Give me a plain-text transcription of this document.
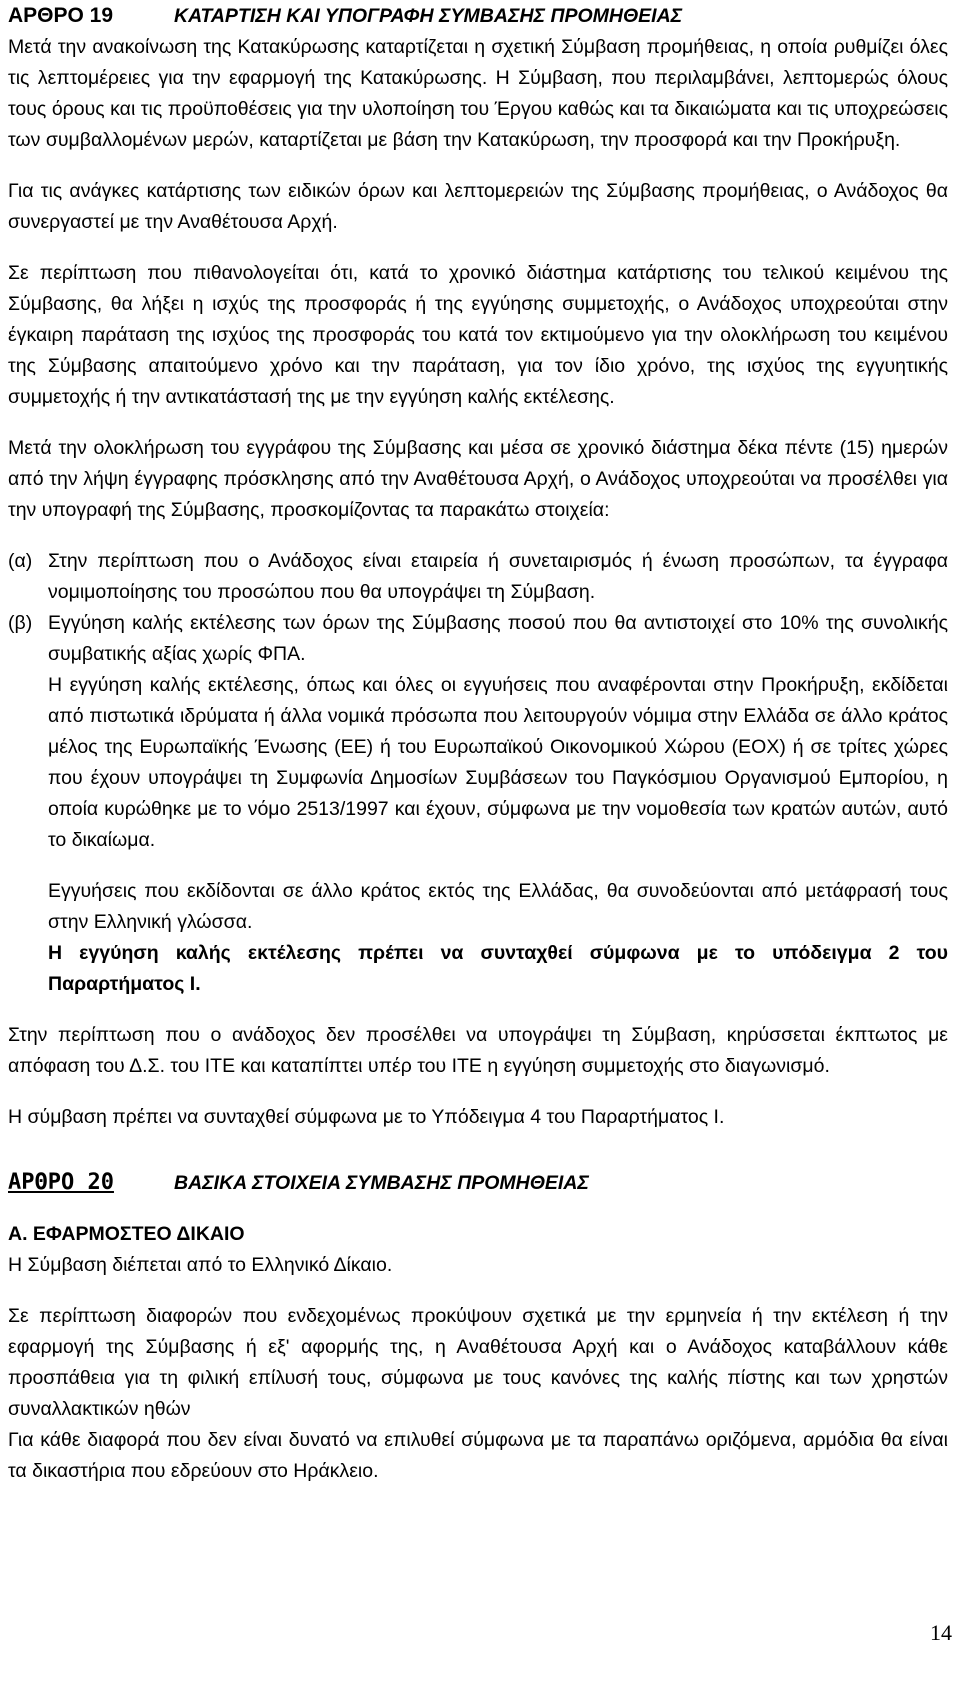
ΑΡΘΡΟ 19	ΚΑΤΑΡΤΙΣΗ ΚΑΙ ΥΠΟΓΡΑΦΗ ΣΥΜΒΑΣΗΣ ΠΡΟΜΗΘΕΙΑΣ

Μετά την ανακοίνωση της Κατακύρωσης καταρτίζεται η σχετική Σύμβαση προμήθειας, η οποία ρυθμίζει όλες τις λεπτομέρειες για την εφαρμογή της Κατακύρωσης. Η Σύμβαση, που περιλαμβάνει, λεπτομερώς όλους τους όρους και τις προϋποθέσεις για την υλοποίηση του Έργου καθώς και τα δικαιώματα και τις υποχρεώσεις των συμβαλλομένων μερών, καταρτίζεται με βάση την Κατακύρωση, την προσφορά και την Προκήρυξη.

Για τις ανάγκες κατάρτισης των ειδικών όρων και λεπτομερειών της Σύμβασης προμήθειας, ο Ανάδοχος θα συνεργαστεί με την Αναθέτουσα Αρχή.

Σε περίπτωση που πιθανολογείται ότι, κατά το χρονικό διάστημα κατάρτισης του τελικού κειμένου της Σύμβασης, θα λήξει η ισχύς της προσφοράς ή της εγγύησης συμμετοχής, ο Ανάδοχος υποχρεούται στην έγκαιρη παράταση της ισχύος της προσφοράς του κατά τον εκτιμούμενο για την ολοκλήρωση του κειμένου της Σύμβασης απαιτούμενο χρόνο και την παράταση, για τον ίδιο χρόνο, της ισχύος της εγγυητικής συμμετοχής ή την αντικατάστασή της με την εγγύηση καλής εκτέλεσης.

Μετά την ολοκλήρωση του εγγράφου της Σύμβασης και μέσα σε χρονικό διάστημα δέκα πέντε (15) ημερών από την λήψη έγγραφης πρόσκλησης από την Αναθέτουσα Αρχή, ο Ανάδοχος υποχρεούται να προσέλθει για την υπογραφή της Σύμβασης, προσκομίζοντας τα παρακάτω στοιχεία:

(α) Στην περίπτωση που ο Ανάδοχος είναι εταιρεία ή συνεταιρισμός ή ένωση προσώπων, τα έγγραφα νομιμοποίησης του προσώπου που θα υπογράψει τη Σύμβαση.

(β) Εγγύηση καλής εκτέλεσης των όρων της Σύμβασης ποσού που θα αντιστοιχεί στο 10% της συνολικής συμβατικής αξίας χωρίς ΦΠΑ.

Η εγγύηση καλής εκτέλεσης, όπως και όλες οι εγγυήσεις που αναφέρονται στην Προκήρυξη, εκδίδεται από πιστωτικά ιδρύματα ή άλλα νομικά πρόσωπα που λειτουργούν νόμιμα στην Ελλάδα σε άλλο κράτος μέλος της Ευρωπαϊκής Ένωσης (ΕΕ) ή του Ευρωπαϊκού Οικονομικού Χώρου (ΕΟΧ) ή σε τρίτες χώρες που έχουν υπογράψει τη Συμφωνία Δημοσίων Συμβάσεων του Παγκόσμιου Οργανισμού Εμπορίου, η οποία κυρώθηκε με το νόμο 2513/1997 και έχουν, σύμφωνα με την νομοθεσία των κρατών αυτών, αυτό το δικαίωμα.

Εγγυήσεις που εκδίδονται σε άλλο κράτος εκτός της Ελλάδας, θα συνοδεύονται από μετάφρασή τους στην Ελληνική γλώσσα.

Η εγγύηση καλής εκτέλεσης πρέπει να συνταχθεί σύμφωνα με το υπόδειγμα 2 του Παραρτήματος Ι.

Στην περίπτωση που ο ανάδοχος δεν προσέλθει να υπογράψει τη Σύμβαση, κηρύσσεται έκπτωτος με απόφαση του Δ.Σ. του ΙΤΕ και καταπίπτει υπέρ του ΙΤΕ η εγγύηση συμμετοχής στο διαγωνισμό.

Η σύμβαση πρέπει να συνταχθεί σύμφωνα με το Υπόδειγμα 4 του Παραρτήματος Ι.

ΑΡΘΡΟ 20	ΒΑΣΙΚΑ ΣΤΟΙΧΕΙΑ ΣΥΜΒΑΣΗΣ ΠΡΟΜΗΘΕΙΑΣ
Α. ΕΦΑΡΜΟΣΤΕΟ ΔΙΚΑΙΟ

Η Σύμβαση διέπεται από το Ελληνικό Δίκαιο.

Σε περίπτωση διαφορών που ενδεχομένως προκύψουν σχετικά με την ερμηνεία ή την εκτέλεση ή την εφαρμογή της Σύμβασης ή εξ' αφορμής της, η Αναθέτουσα Αρχή και ο Ανάδοχος καταβάλλουν κάθε προσπάθεια για τη φιλική επίλυσή τους, σύμφωνα με τους κανόνες της καλής πίστης και των χρηστών συναλλακτικών ηθών

Για κάθε διαφορά που δεν είναι δυνατό να επιλυθεί σύμφωνα με τα παραπάνω οριζόμενα, αρμόδια θα είναι τα δικαστήρια που εδρεύουν στο Ηράκλειο.

14
